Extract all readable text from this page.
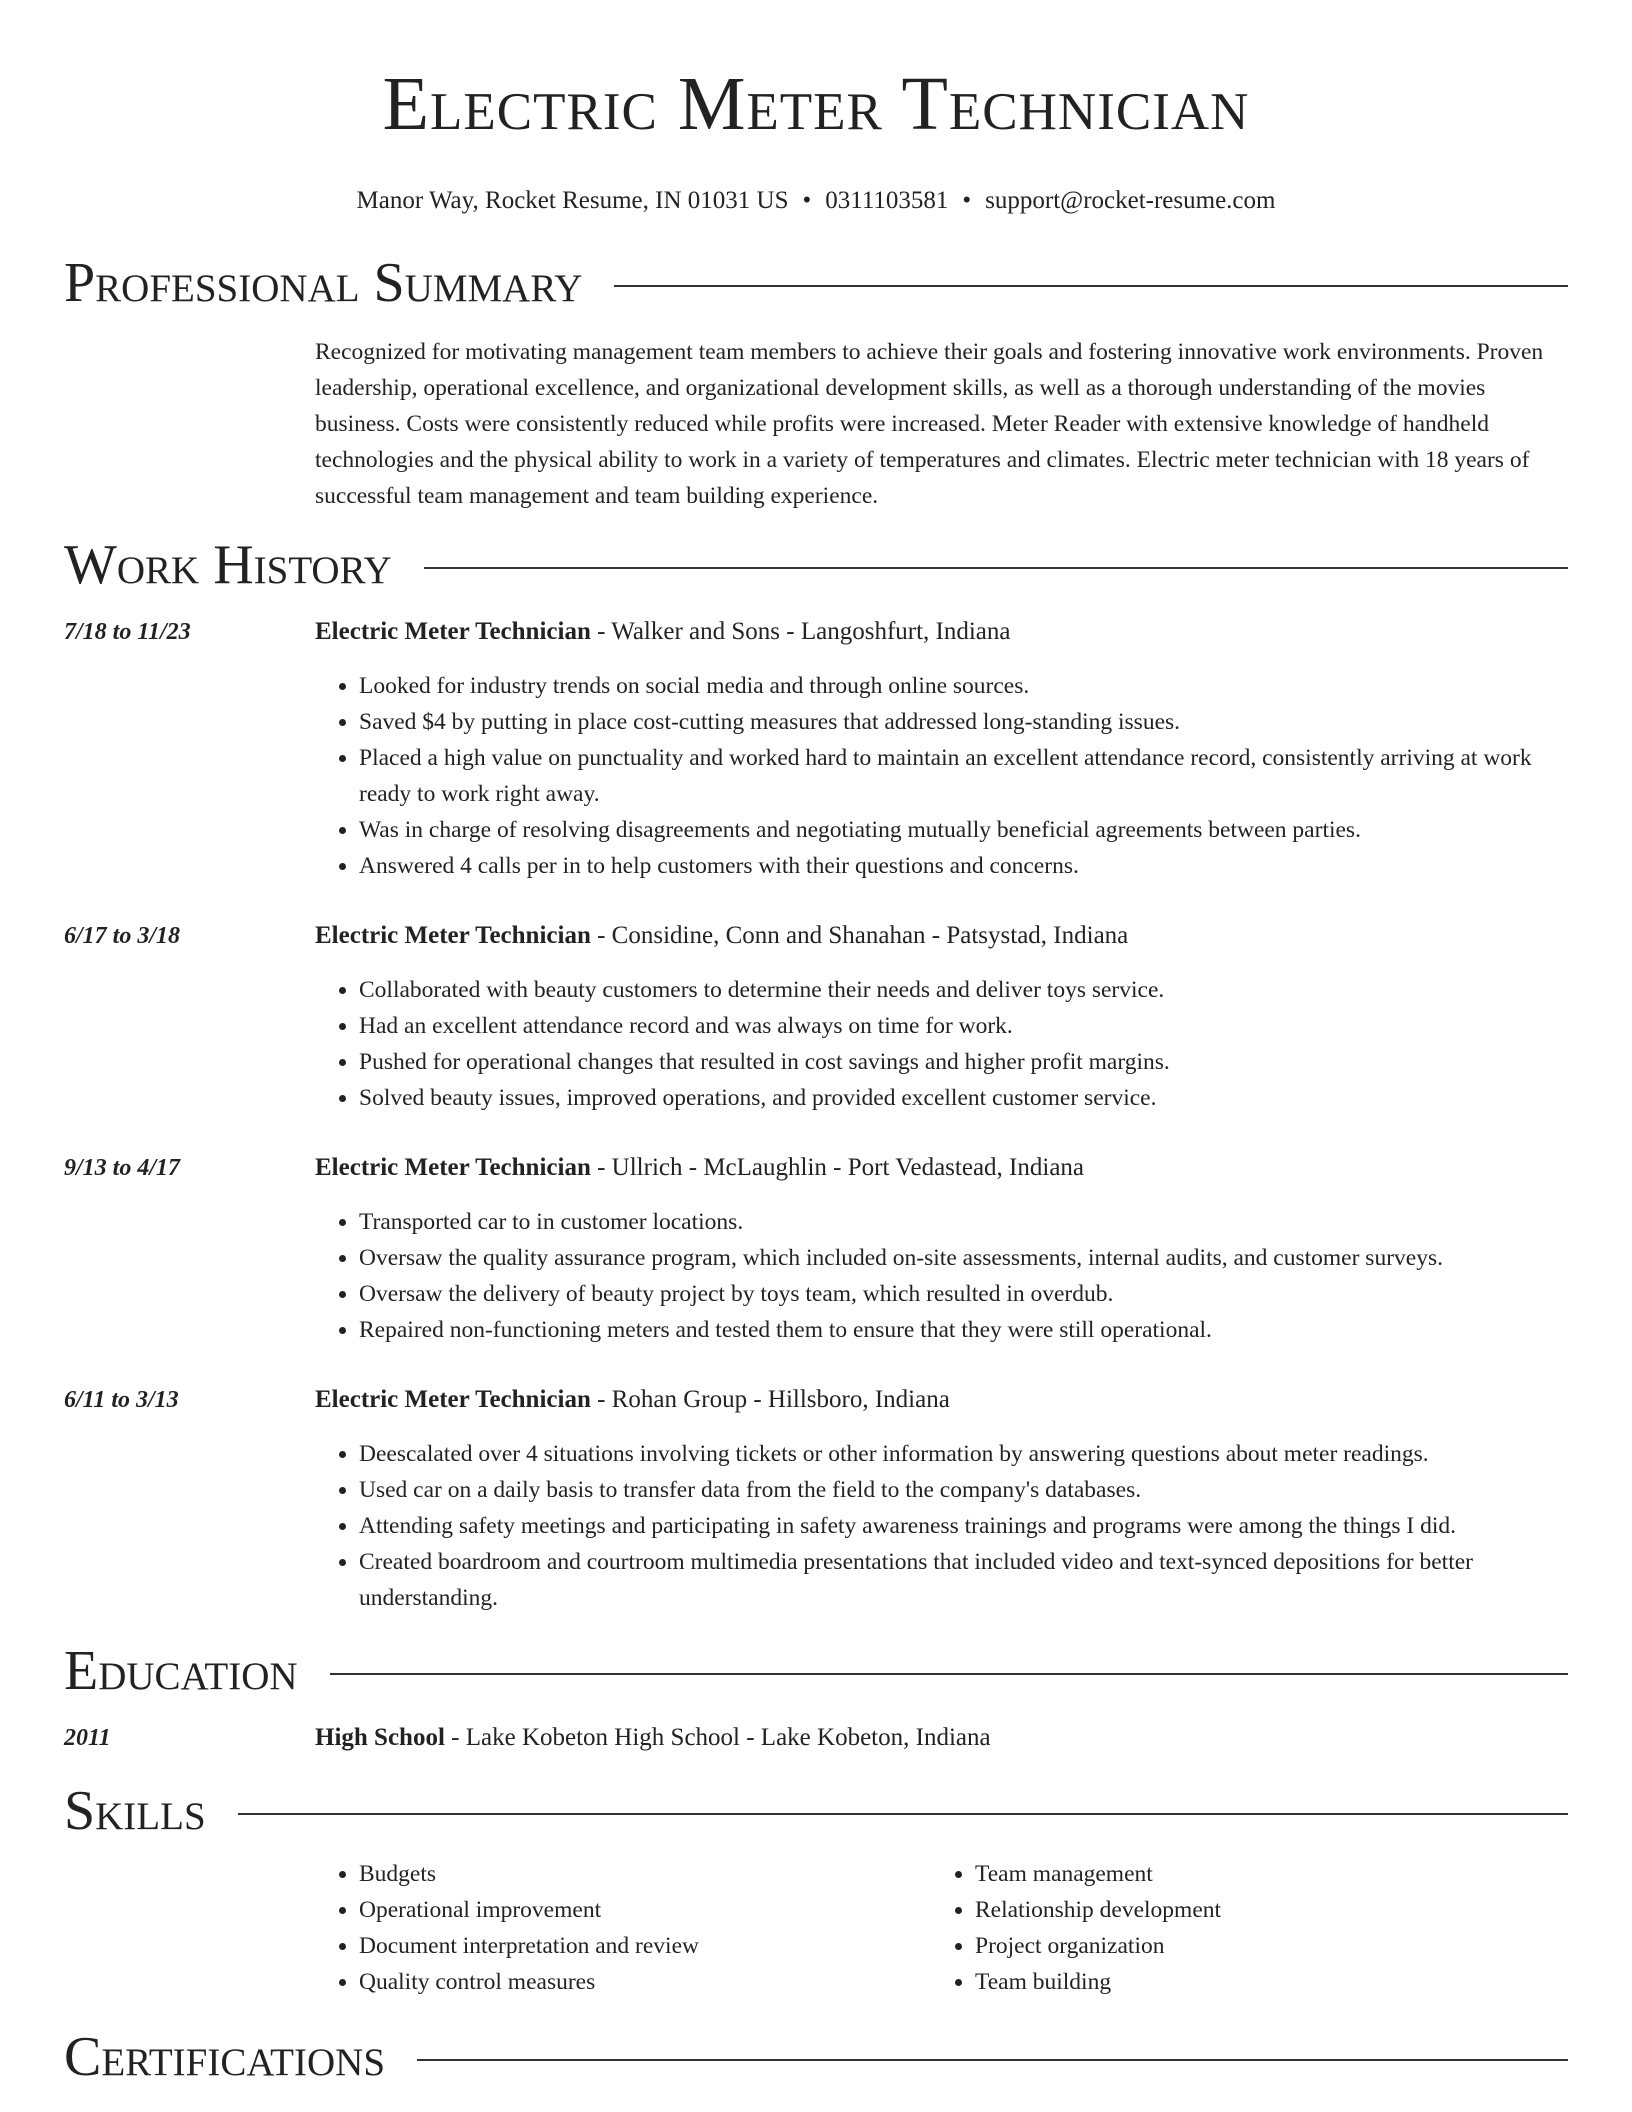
Electric Meter Technician
Manor Way, Rocket Resume, IN 01031 US • 0311103581 • support@rocket-resume.com
Professional Summary
Recognized for motivating management team members to achieve their goals and fostering innovative work environments. Proven leadership, operational excellence, and organizational development skills, as well as a thorough understanding of the movies business. Costs were consistently reduced while profits were increased. Meter Reader with extensive knowledge of handheld technologies and the physical ability to work in a variety of temperatures and climates. Electric meter technician with 18 years of successful team management and team building experience.
Work History
7/18 to 11/23	Electric Meter Technician - Walker and Sons - Langoshfurt, Indiana
• Looked for industry trends on social media and through online sources.
• Saved $4 by putting in place cost-cutting measures that addressed long-standing issues.
• Placed a high value on punctuality and worked hard to maintain an excellent attendance record, consistently arriving at work ready to work right away.
• Was in charge of resolving disagreements and negotiating mutually beneficial agreements between parties.
• Answered 4 calls per in to help customers with their questions and concerns.
6/17 to 3/18	Electric Meter Technician - Considine, Conn and Shanahan - Patsystad, Indiana
• Collaborated with beauty customers to determine their needs and deliver toys service.
• Had an excellent attendance record and was always on time for work.
• Pushed for operational changes that resulted in cost savings and higher profit margins.
• Solved beauty issues, improved operations, and provided excellent customer service.
9/13 to 4/17	Electric Meter Technician - Ullrich - McLaughlin - Port Vedastead, Indiana
• Transported car to in customer locations.
• Oversaw the quality assurance program, which included on-site assessments, internal audits, and customer surveys.
• Oversaw the delivery of beauty project by toys team, which resulted in overdub.
• Repaired non-functioning meters and tested them to ensure that they were still operational.
6/11 to 3/13	Electric Meter Technician - Rohan Group - Hillsboro, Indiana
• Deescalated over 4 situations involving tickets or other information by answering questions about meter readings.
• Used car on a daily basis to transfer data from the field to the company's databases.
• Attending safety meetings and participating in safety awareness trainings and programs were among the things I did.
• Created boardroom and courtroom multimedia presentations that included video and text-synced depositions for better understanding.
Education
2011	High School - Lake Kobeton High School - Lake Kobeton, Indiana
Skills
• Budgets
• Operational improvement
• Document interpretation and review
• Quality control measures
• Team management
• Relationship development
• Project organization
• Team building
Certifications
